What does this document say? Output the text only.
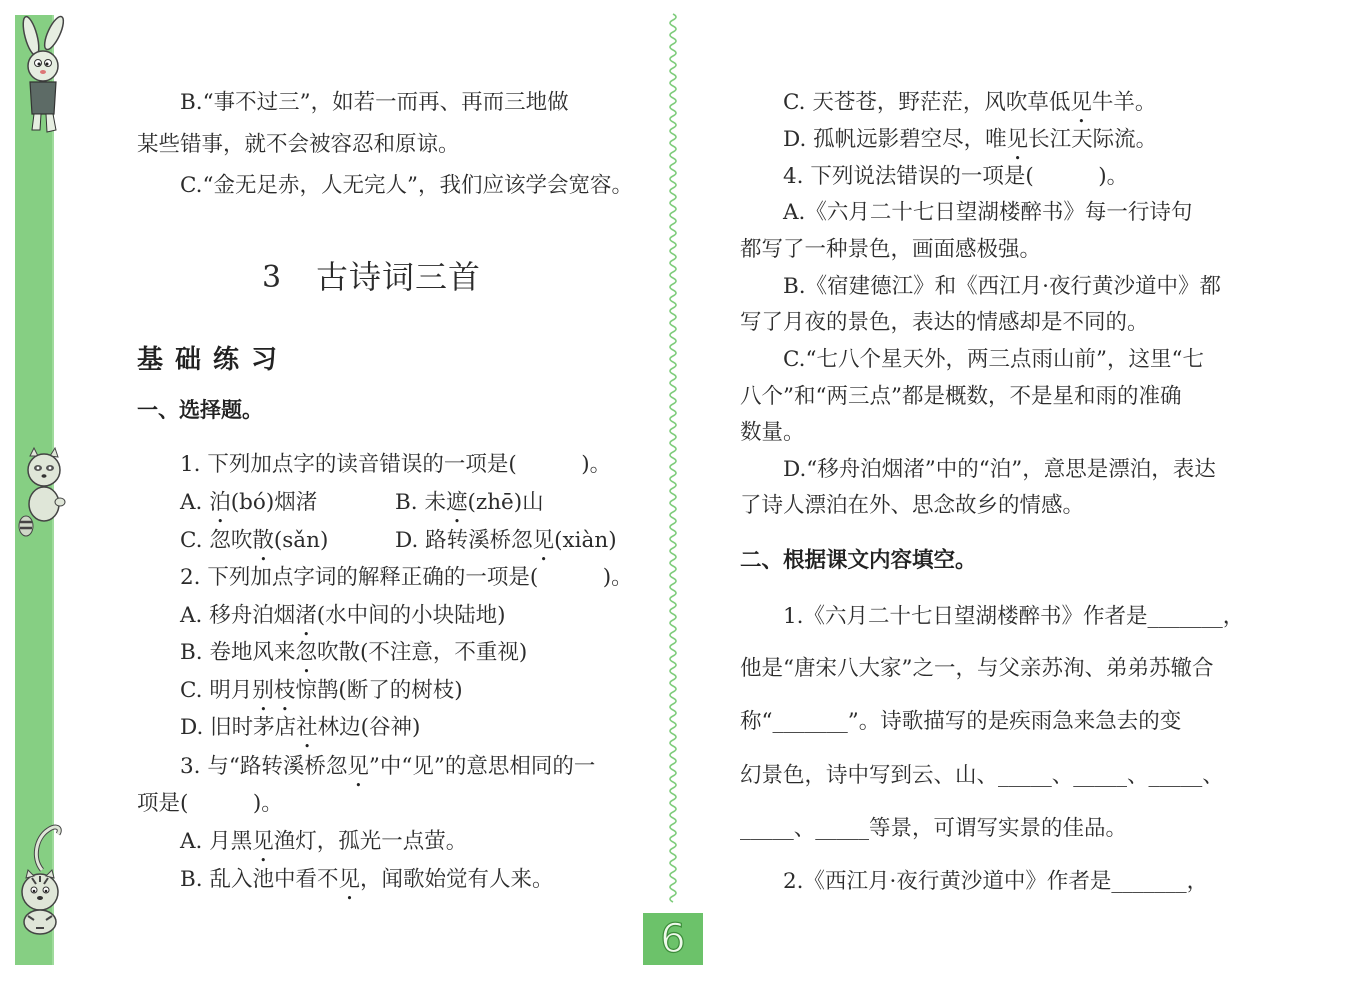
B.“事不过三”，如若一而再、再而三地做
某些错事，就不会被容忍和原谅。
C.“金无足赤，人无完人”，我们应该学会宽容。
3 古诗词三首
基础练习
一、选择题。
1. 下列加点字的读音错误的一项是(　　　)。
A. 泊(bó)烟渚	B. 未遮(zhē)山
C. 忽吹散(sǎn)	D. 路转溪桥忽见(xiàn)
2. 下列加点字词的解释正确的一项是(　　　)。
A. 移舟泊烟渚(水中间的小块陆地)
B. 卷地风来忽吹散(不注意，不重视)
C. 明月别枝惊鹊(断了的树枝)
D. 旧时茅店社林边(谷神)
3. 与“路转溪桥忽见”中“见”的意思相同的一
项是(　　　)。
A. 月黑见渔灯，孤光一点萤。
B. 乱入池中看不见，闻歌始觉有人来。
C. 天苍苍，野茫茫，风吹草低见牛羊。
D. 孤帆远影碧空尽，唯见长江天际流。
4. 下列说法错误的一项是(　　　)。
A.《六月二十七日望湖楼醉书》每一行诗句
都写了一种景色，画面感极强。
B.《宿建德江》和《西江月·夜行黄沙道中》都
写了月夜的景色，表达的情感却是不同的。
C.“七八个星天外，两三点雨山前”，这里“七
八个”和“两三点”都是概数，不是星和雨的准确
数量。
D.“移舟泊烟渚”中的“泊”，意思是漂泊，表达
了诗人漂泊在外、思念故乡的情感。
二、根据课文内容填空。
1.《六月二十七日望湖楼醉书》作者是_______，
他是“唐宋八大家”之一，与父亲苏洵、弟弟苏辙合
称“_______”。诗歌描写的是疾雨急来急去的变
幻景色，诗中写到云、山、_____、_____、_____、
_____、_____等景，可谓写实景的佳品。
2.《西江月·夜行黄沙道中》作者是_______，
6
